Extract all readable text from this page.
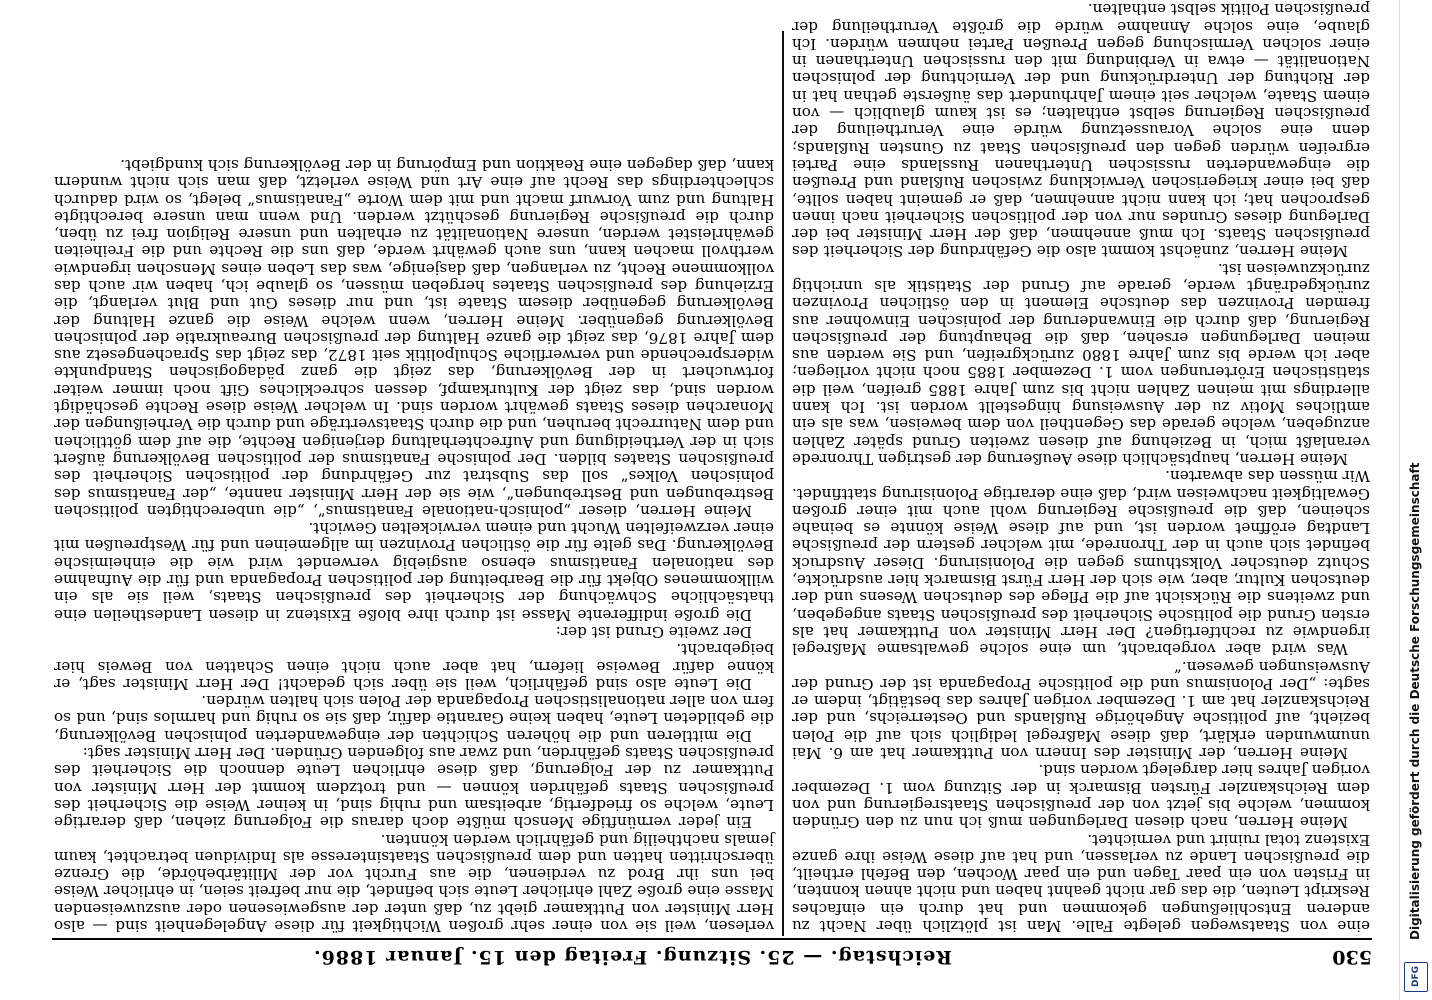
530
Reichstag. — 25. Sitzung. Freitag den 15. Januar 1886.

eine von Staatswegen gelegte Falle. Man ist plötzlich über Nacht zu anderen Entschließungen gekommen und hat durch ein einfaches Reskript Leuten, die das gar nicht geahnt haben und nicht ahnen konnten, in Fristen von ein paar Tagen und ein paar Wochen, den Befehl ertheilt, die preußischen Lande zu verlassen, und hat auf diese Weise ihre ganze Existenz total ruinirt und vernichtet.

Meine Herren, nach diesen Darlegungen muß ich nun zu den Gründen kommen, welche bis jetzt von der preußischen Staatsregierung und von dem Reichskanzler Fürsten Bismarck in der Sitzung vom 1. Dezember vorigen Jahres hier dargelegt worden sind.

Meine Herren, der Minister des Innern von Puttkamer hat am 6. Mai unumwunden erklärt, daß diese Maßregel lediglich sich auf die Polen bezieht, auf politische Angehörige Rußlands und Oesterreichs, und der Reichskanzler hat am 1. Dezember vorigen Jahres das bestätigt, indem er sagte: „Der Polonismus und die politische Propaganda ist der Grund der Ausweisungen gewesen.“

Was wird aber vorgebracht, um eine solche gewaltsame Maßregel irgendwie zu rechtfertigen? Der Herr Minister von Puttkamer hat als ersten Grund die politische Sicherheit des preußischen Staats angegeben, und zweitens die Rücksicht auf die Pflege des deutschen Wesens und der deutschen Kultur, aber, wie sich der Herr Fürst Bismarck hier ausdrückte, Schutz deutscher Volksthums gegen die Polonisirung. Dieser Ausdruck befindet sich auch in der Thronrede, mit welcher gestern der preußische Landtag eröffnet worden ist, und auf diese Weise könnte es beinahe scheinen, daß die preußische Regierung wohl auch mit einer großen Gewaltigkeit nachweisen wird, daß eine derartige Polonisirung stattfindet. Wir müssen das abwarten.

Meine Herren, hauptsächlich diese Aeußerung der gestrigen Thronrede veranlaßt mich, in Beziehung auf diesen zweiten Grund später Zahlen anzugeben, welche gerade das Gegentheil von dem beweisen, was als ein amtliches Motiv zu der Ausweisung hingestellt worden ist. Ich kann allerdings mit meinen Zahlen nicht bis zum Jahre 1885 greifen, weil die statistischen Erörterungen vom 1. Dezember 1885 noch nicht vorliegen; aber ich werde bis zum Jahre 1880 zurückgreifen, und Sie werden aus meinen Darlegungen ersehen, daß die Behauptung der preußischen Regierung, daß durch die Einwanderung der polnischen Einwohner aus fremden Provinzen das deutsche Element in den östlichen Provinzen zurückgedrängt werde, gerade auf Grund der Statistik als unrichtig zurückzuweisen ist.

Meine Herren, zunächst kommt also die Gefährdung der Sicherheit des preußischen Staats. Ich muß annehmen, daß der Herr Minister bei der Darlegung dieses Grundes nur von der politischen Sicherheit nach innen gesprochen hat; ich kann nicht annehmen, daß er gemeint haben sollte, daß bei einer kriegerischen Verwicklung zwischen Rußland und Preußen die eingewanderten russischen Unterthanen Russlands eine Partei ergreifen würden gegen den preußischen Staat zu Gunsten Rußlands; denn eine solche Voraussetzung würde eine Verurtheilung der preußischen Regierung selbst enthalten; es ist kaum glaublich — von einem Staate, welcher seit einem Jahrhundert das äußerste gethan hat in der Richtung der Unterdrückung und der Vernichtung der polnischen Nationalität — etwa in Verbindung mit den russischen Unterthanen in einer solchen Vermischung gegen Preußen Partei nehmen würden. Ich glaube, eine solche Annahme würde die größte Verurtheilung der preußischen Politik selbst enthalten.

verlesen, weil sie von einer sehr großen Wichtigkeit für diese Angelegenheit sind — also Herr Minister von Puttkamer giebt zu, daß unter der ausgewiesenen oder auszuweisenden Masse eine große Zahl ehrlicher Leute sich befindet, die nur befreit seien, in ehrlicher Weise bei uns ihr Brod zu verdienen, die aus Furcht vor der Militärbehörde, die Grenze überschritten hatten und dem preußischen Staatsinteresse als Individuen betrachtet, kaum jemals nachtheilig und gefährlich werden könnten.

Ein jeder vernünftige Mensch müßte doch daraus die Folgerung ziehen, daß derartige Leute, welche so friedfertig, arbeitsam und ruhig sind, in keiner Weise die Sicherheit des preußischen Staats gefährden können — und trotzdem kommt der Herr Minister von Puttkamer zu der Folgerung, daß diese ehrlichen Leute dennoch die Sicherheit des preußischen Staats gefährden, und zwar aus folgenden Gründen. Der Herr Minister sagt:

Die mittleren und die höheren Schichten der eingewanderten polnischen Bevölkerung, die gebildeten Leute, haben keine Garantie dafür, daß sie so ruhig und harmlos sind, und so fern von aller nationalistischen Propaganda der Polen sich halten würden.

Die Leute also sind gefährlich, weil sie über sich gedacht! Der Herr Minister sagt, er könne dafür Beweise liefern, hat aber auch nicht einen Schatten von Beweis hier beigebracht.

Der zweite Grund ist der:

Die große indifferente Masse ist durch ihre bloße Existenz in diesen Landestheilen eine thatsächliche Schwächung der Sicherheit des preußischen Staats, weil sie als ein willkommenes Objekt für die Bearbeitung der politischen Propaganda und für die Aufnahme des nationalen Fanatismus ebenso ausgiebig verwendet wird wie die einheimische Bevölkerung. Das gelte für die östlichen Provinzen im allgemeinen und für Westpreußen mit einer verzweifelten Wucht und einem verwickelten Gewicht.

Meine Herren, dieser „polnisch-nationale Fanatismus“, „die unberechtigten politischen Bestrebungen und Bestrebungen“, wie sie der Herr Minister nannte, „der Fanatismus des polnischen Volkes“ soll das Substrat zur Gefährdung der politischen Sicherheit des preußischen Staates bilden. Der polnische Fanatismus der politischen Bevölkerung äußert sich in der Vertheidigung und Aufrechterhaltung derjenigen Rechte, die auf dem göttlichen und dem Naturrecht beruhen, und die durch Staatsverträge und durch die Verheißungen der Monarchen dieses Staats gewährt worden sind. In welcher Weise diese Rechte geschädigt worden sind, das zeigt der Kulturkampf, dessen schreckliches Gift noch immer weiter fortwuchert in der Bevölkerung, das zeigt die ganz pädagogischen Standpunkte widersprechende und verwerfliche Schulpolitik seit 1872, das zeigt das Sprachengesetz aus dem Jahre 1876, das zeigt die ganze Haltung der preußischen Bureaukratie der polnischen Bevölkerung gegenüber. Meine Herren, wenn welche Weise die ganze Haltung der Bevölkerung gegenüber diesem Staate ist, und nur dieses Gut und Blut verlangt, die Erziehung des preußischen Staates hergeben müssen, so glaube ich, haben wir auch das vollkommene Recht, zu verlangen, daß dasjenige, was das Leben eines Menschen irgendwie werthvoll machen kann, uns auch gewährt werde, daß uns die Rechte und die Freiheiten gewährleistet werden, unsere Nationalität zu erhalten und unsere Religion frei zu üben, durch die preußische Regierung geschützt werden. Und wenn man unsere berechtigte Haltung und zum Vorwurf macht und mit dem Worte „Fanatismus“ belegt, so wird dadurch schlechterdings das Recht auf eine Art und Weise verletzt, daß man sich nicht wundern kann, daß dagegen eine Reaktion und Empörung in der Bevölkerung sich kundgiebt.

Digitalisierung gefördert durch die Deutsche Forschungsgemeinschaft
DFG
